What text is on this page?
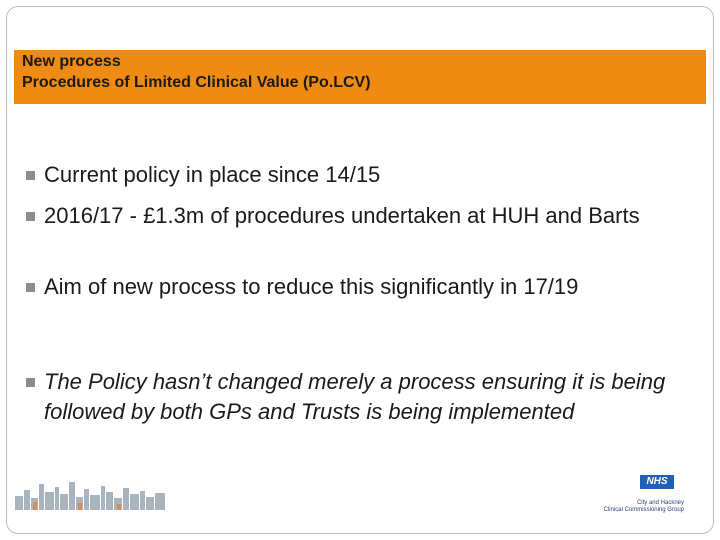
New process
Procedures of Limited Clinical Value (Po.LCV)
Current policy in place since 14/15
2016/17 - £1.3m of procedures undertaken at HUH and Barts
Aim of new process to reduce this significantly in 17/19
The Policy hasn’t changed merely a process ensuring it is being followed by both GPs and Trusts is being implemented
NHS
City and Hackney
Clinical Commissioning Group
